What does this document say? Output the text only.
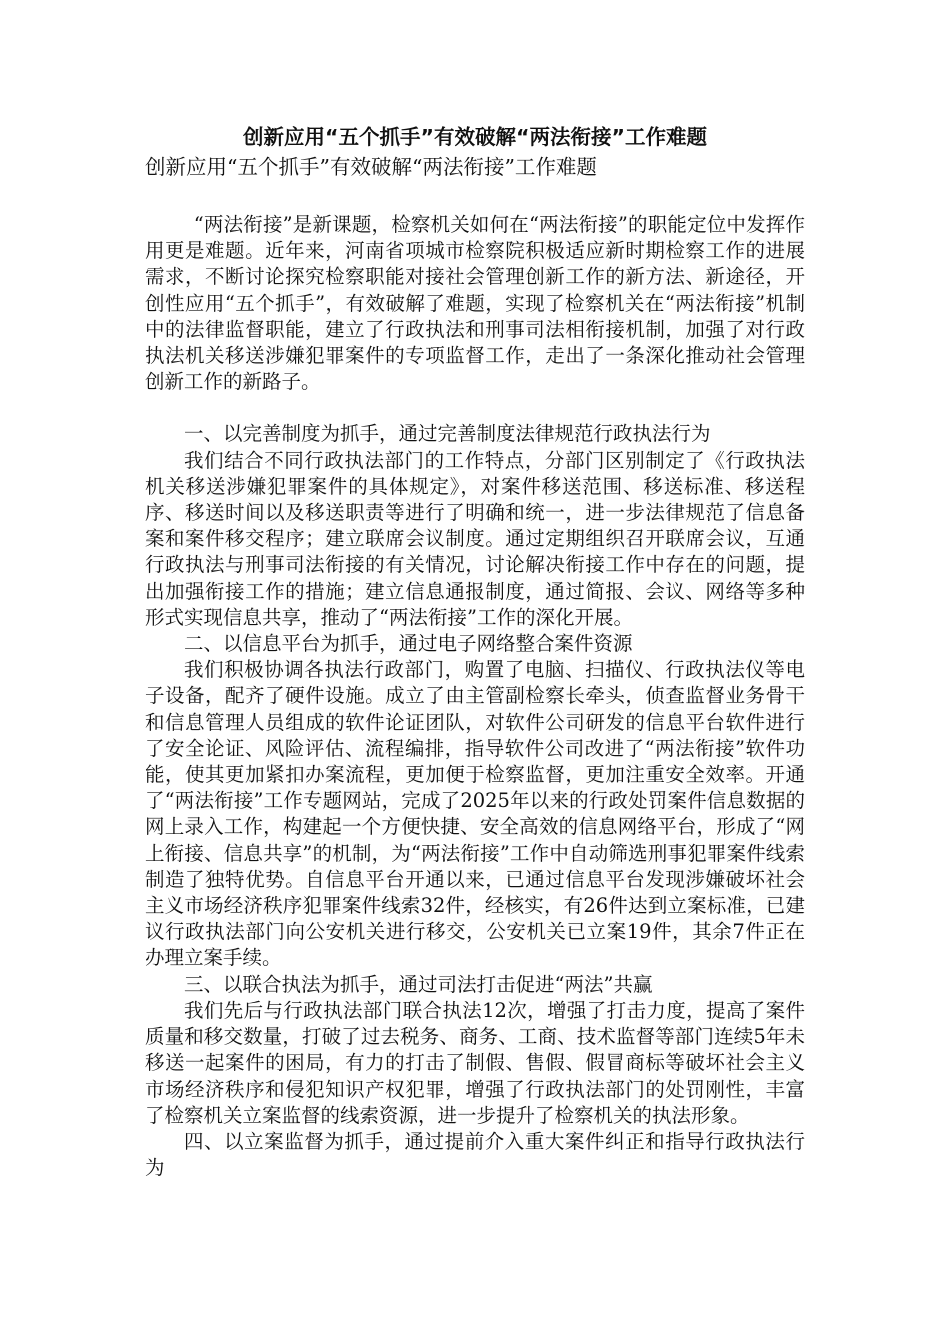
创新应用“五个抓手”有效破解“两法衔接”工作难题

创新应用“五个抓手”有效破解“两法衔接”工作难题

“两法衔接”是新课题，检察机关如何在“两法衔接”的职能定位中发挥作用更是难题。近年来，河南省项城市检察院积极适应新时期检察工作的进展需求，不断讨论探究检察职能对接社会管理创新工作的新方法、新途径，开创性应用“五个抓手”，有效破解了难题，实现了检察机关在“两法衔接”机制中的法律监督职能，建立了行政执法和刑事司法相衔接机制，加强了对行政执法机关移送涉嫌犯罪案件的专项监督工作，走出了一条深化推动社会管理创新工作的新路子。

一、以完善制度为抓手，通过完善制度法律规范行政执法行为

我们结合不同行政执法部门的工作特点，分部门区别制定了《行政执法机关移送涉嫌犯罪案件的具体规定》，对案件移送范围、移送标准、移送程序、移送时间以及移送职责等进行了明确和统一，进一步法律规范了信息备案和案件移交程序；建立联席会议制度。通过定期组织召开联席会议，互通行政执法与刑事司法衔接的有关情况，讨论解决衔接工作中存在的问题，提出加强衔接工作的措施；建立信息通报制度，通过简报、会议、网络等多种形式实现信息共享，推动了“两法衔接”工作的深化开展。

二、以信息平台为抓手，通过电子网络整合案件资源

我们积极协调各执法行政部门，购置了电脑、扫描仪、行政执法仪等电子设备，配齐了硬件设施。成立了由主管副检察长牵头，侦查监督业务骨干和信息管理人员组成的软件论证团队，对软件公司研发的信息平台软件进行了安全论证、风险评估、流程编排，指导软件公司改进了“两法衔接”软件功能，使其更加紧扣办案流程，更加便于检察监督，更加注重安全效率。开通了“两法衔接”工作专题网站，完成了2025年以来的行政处罚案件信息数据的网上录入工作，构建起一个方便快捷、安全高效的信息网络平台，形成了“网上衔接、信息共享”的机制，为“两法衔接”工作中自动筛选刑事犯罪案件线索制造了独特优势。自信息平台开通以来，已通过信息平台发现涉嫌破坏社会主义市场经济秩序犯罪案件线索32件，经核实，有26件达到立案标准，已建议行政执法部门向公安机关进行移交，公安机关已立案19件，其余7件正在办理立案手续。

三、以联合执法为抓手，通过司法打击促进“两法”共赢

我们先后与行政执法部门联合执法12次，增强了打击力度，提高了案件质量和移交数量，打破了过去税务、商务、工商、技术监督等部门连续5年未移送一起案件的困局，有力的打击了制假、售假、假冒商标等破坏社会主义市场经济秩序和侵犯知识产权犯罪，增强了行政执法部门的处罚刚性，丰富了检察机关立案监督的线索资源，进一步提升了检察机关的执法形象。

四、以立案监督为抓手，通过提前介入重大案件纠正和指导行政执法行为
